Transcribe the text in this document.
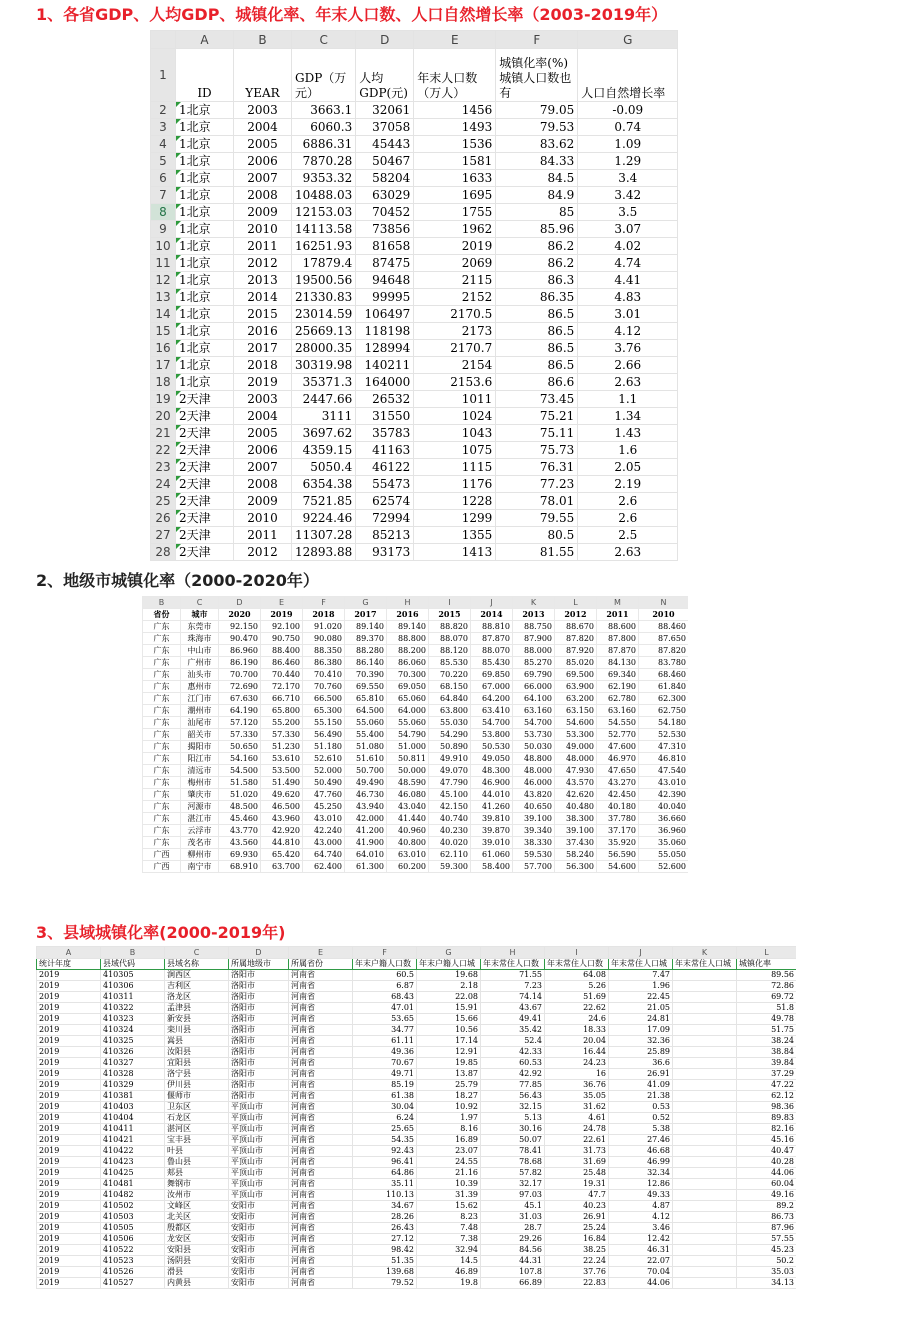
1、各省GDP、人均GDP、城镇化率、年末人口数、人口自然增长率（2003-2019年）
	A	B	C	D	E	F	G
1	ID	YEAR	GDP（万元）	人均GDP(元)	年末人口数（万人）	城镇化率(%)城镇人口数也有	人口自然增长率
2	1北京	2003	3663.1	32061	1456	79.05	-0.09
3	1北京	2004	6060.3	37058	1493	79.53	0.74
4	1北京	2005	6886.31	45443	1536	83.62	1.09
5	1北京	2006	7870.28	50467	1581	84.33	1.29
6	1北京	2007	9353.32	58204	1633	84.5	3.4
7	1北京	2008	10488.03	63029	1695	84.9	3.42
8	1北京	2009	12153.03	70452	1755	85	3.5
9	1北京	2010	14113.58	73856	1962	85.96	3.07
10	1北京	2011	16251.93	81658	2019	86.2	4.02
11	1北京	2012	17879.4	87475	2069	86.2	4.74
12	1北京	2013	19500.56	94648	2115	86.3	4.41
13	1北京	2014	21330.83	99995	2152	86.35	4.83
14	1北京	2015	23014.59	106497	2170.5	86.5	3.01
15	1北京	2016	25669.13	118198	2173	86.5	4.12
16	1北京	2017	28000.35	128994	2170.7	86.5	3.76
17	1北京	2018	30319.98	140211	2154	86.5	2.66
18	1北京	2019	35371.3	164000	2153.6	86.6	2.63
19	2天津	2003	2447.66	26532	1011	73.45	1.1
20	2天津	2004	3111	31550	1024	75.21	1.34
21	2天津	2005	3697.62	35783	1043	75.11	1.43
22	2天津	2006	4359.15	41163	1075	75.73	1.6
23	2天津	2007	5050.4	46122	1115	76.31	2.05
24	2天津	2008	6354.38	55473	1176	77.23	2.19
25	2天津	2009	7521.85	62574	1228	78.01	2.6
26	2天津	2010	9224.46	72994	1299	79.55	2.6
27	2天津	2011	11307.28	85213	1355	80.5	2.5
28	2天津	2012	12893.88	93173	1413	81.55	2.63
2、地级市城镇化率（2000-2020年）
B	C	D	E	F	G	H	I	J	K	L	M	N
省份	城市	2020	2019	2018	2017	2016	2015	2014	2013	2012	2011	2010
广东	东莞市	92.150	92.100	91.020	89.140	89.140	88.820	88.810	88.750	88.670	88.600	88.460
广东	珠海市	90.470	90.750	90.080	89.370	88.800	88.070	87.870	87.900	87.820	87.800	87.650
广东	中山市	86.960	88.400	88.350	88.280	88.200	88.120	88.070	88.000	87.920	87.870	87.820
广东	广州市	86.190	86.460	86.380	86.140	86.060	85.530	85.430	85.270	85.020	84.130	83.780
广东	汕头市	70.700	70.440	70.410	70.390	70.300	70.220	69.850	69.790	69.500	69.340	68.460
广东	惠州市	72.690	72.170	70.760	69.550	69.050	68.150	67.000	66.000	63.900	62.190	61.840
广东	江门市	67.630	66.710	66.500	65.810	65.060	64.840	64.200	64.100	63.200	62.780	62.300
广东	潮州市	64.190	65.800	65.300	64.500	64.000	63.800	63.410	63.160	63.150	63.160	62.750
广东	汕尾市	57.120	55.200	55.150	55.060	55.060	55.030	54.700	54.700	54.600	54.550	54.180
广东	韶关市	57.330	57.330	56.490	55.400	54.790	54.290	53.800	53.730	53.300	52.770	52.530
广东	揭阳市	50.650	51.230	51.180	51.080	51.000	50.890	50.530	50.030	49.000	47.600	47.310
广东	阳江市	54.160	53.610	52.610	51.610	50.811	49.910	49.050	48.800	48.000	46.970	46.810
广东	清远市	54.500	53.500	52.000	50.700	50.000	49.070	48.300	48.000	47.930	47.650	47.540
广东	梅州市	51.580	51.490	50.490	49.490	48.590	47.790	46.900	46.000	43.570	43.270	43.010
广东	肇庆市	51.020	49.620	47.760	46.730	46.080	45.100	44.010	43.820	42.620	42.450	42.390
广东	河源市	48.500	46.500	45.250	43.940	43.040	42.150	41.260	40.650	40.480	40.180	40.040
广东	湛江市	45.460	43.960	43.010	42.000	41.440	40.740	39.810	39.100	38.300	37.780	36.660
广东	云浮市	43.770	42.920	42.240	41.200	40.960	40.230	39.870	39.340	39.100	37.170	36.960
广东	茂名市	43.560	44.810	43.000	41.900	40.800	40.020	39.010	38.330	37.430	35.920	35.060
广西	柳州市	69.930	65.420	64.740	64.010	63.010	62.110	61.060	59.530	58.240	56.590	55.050
广西	南宁市	68.910	63.700	62.400	61.300	60.200	59.300	58.400	57.700	56.300	54.600	52.600
3、县域城镇化率(2000-2019年)
A	B	C	D	E	F	G	H	I	J	K	L
统计年度	县域代码	县域名称	所属地级市	所属省份	年末户籍人口数	年末户籍人口城	年末常住人口数	年末常住人口数	年末常住人口城	年末常住人口城	城镇化率
2019	410305	涧西区	洛阳市	河南省	60.5	19.68	71.55	64.08	7.47		89.56
2019	410306	吉利区	洛阳市	河南省	6.87	2.18	7.23	5.26	1.96		72.86
2019	410311	洛龙区	洛阳市	河南省	68.43	22.08	74.14	51.69	22.45		69.72
2019	410322	孟津县	洛阳市	河南省	47.01	15.91	43.67	22.62	21.05		51.8
2019	410323	新安县	洛阳市	河南省	53.65	15.66	49.41	24.6	24.81		49.78
2019	410324	栾川县	洛阳市	河南省	34.77	10.56	35.42	18.33	17.09		51.75
2019	410325	嵩县	洛阳市	河南省	61.11	17.14	52.4	20.04	32.36		38.24
2019	410326	汝阳县	洛阳市	河南省	49.36	12.91	42.33	16.44	25.89		38.84
2019	410327	宜阳县	洛阳市	河南省	70.67	19.85	60.53	24.23	36.6		39.84
2019	410328	洛宁县	洛阳市	河南省	49.71	13.87	42.92	16	26.91		37.29
2019	410329	伊川县	洛阳市	河南省	85.19	25.79	77.85	36.76	41.09		47.22
2019	410381	偃师市	洛阳市	河南省	61.38	18.27	56.43	35.05	21.38		62.12
2019	410403	卫东区	平顶山市	河南省	30.04	10.92	32.15	31.62	0.53		98.36
2019	410404	石龙区	平顶山市	河南省	6.24	1.97	5.13	4.61	0.52		89.83
2019	410411	湛河区	平顶山市	河南省	25.65	8.16	30.16	24.78	5.38		82.16
2019	410421	宝丰县	平顶山市	河南省	54.35	16.89	50.07	22.61	27.46		45.16
2019	410422	叶县	平顶山市	河南省	92.43	23.07	78.41	31.73	46.68		40.47
2019	410423	鲁山县	平顶山市	河南省	96.41	24.55	78.68	31.69	46.99		40.28
2019	410425	郏县	平顶山市	河南省	64.86	21.16	57.82	25.48	32.34		44.06
2019	410481	舞钢市	平顶山市	河南省	35.11	10.39	32.17	19.31	12.86		60.04
2019	410482	汝州市	平顶山市	河南省	110.13	31.39	97.03	47.7	49.33		49.16
2019	410502	文峰区	安阳市	河南省	34.67	15.62	45.1	40.23	4.87		89.2
2019	410503	北关区	安阳市	河南省	28.26	8.23	31.03	26.91	4.12		86.73
2019	410505	殷都区	安阳市	河南省	26.43	7.48	28.7	25.24	3.46		87.96
2019	410506	龙安区	安阳市	河南省	27.12	7.38	29.26	16.84	12.42		57.55
2019	410522	安阳县	安阳市	河南省	98.42	32.94	84.56	38.25	46.31		45.23
2019	410523	汤阴县	安阳市	河南省	51.35	14.5	44.31	22.24	22.07		50.2
2019	410526	滑县	安阳市	河南省	139.68	46.89	107.8	37.76	70.04		35.03
2019	410527	内黄县	安阳市	河南省	79.52	19.8	66.89	22.83	44.06		34.13
